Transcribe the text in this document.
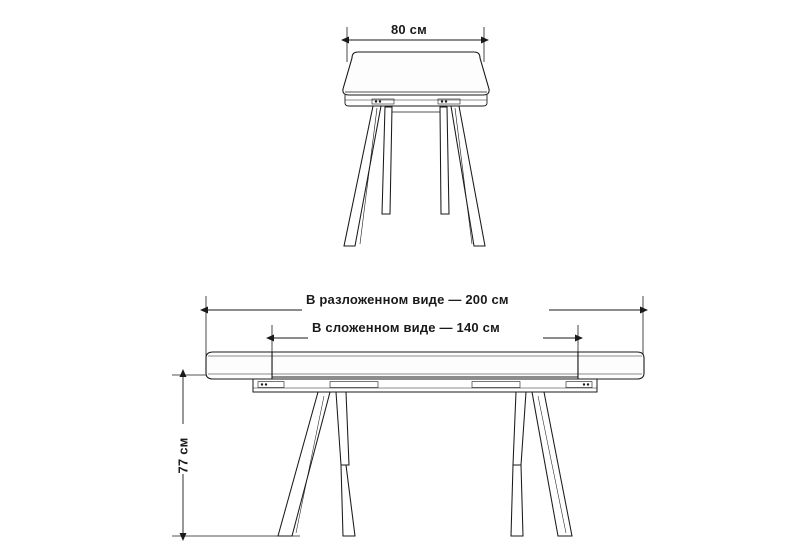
80 см
В разложенном виде — 200 см
В сложенном виде — 140 см
77 см
